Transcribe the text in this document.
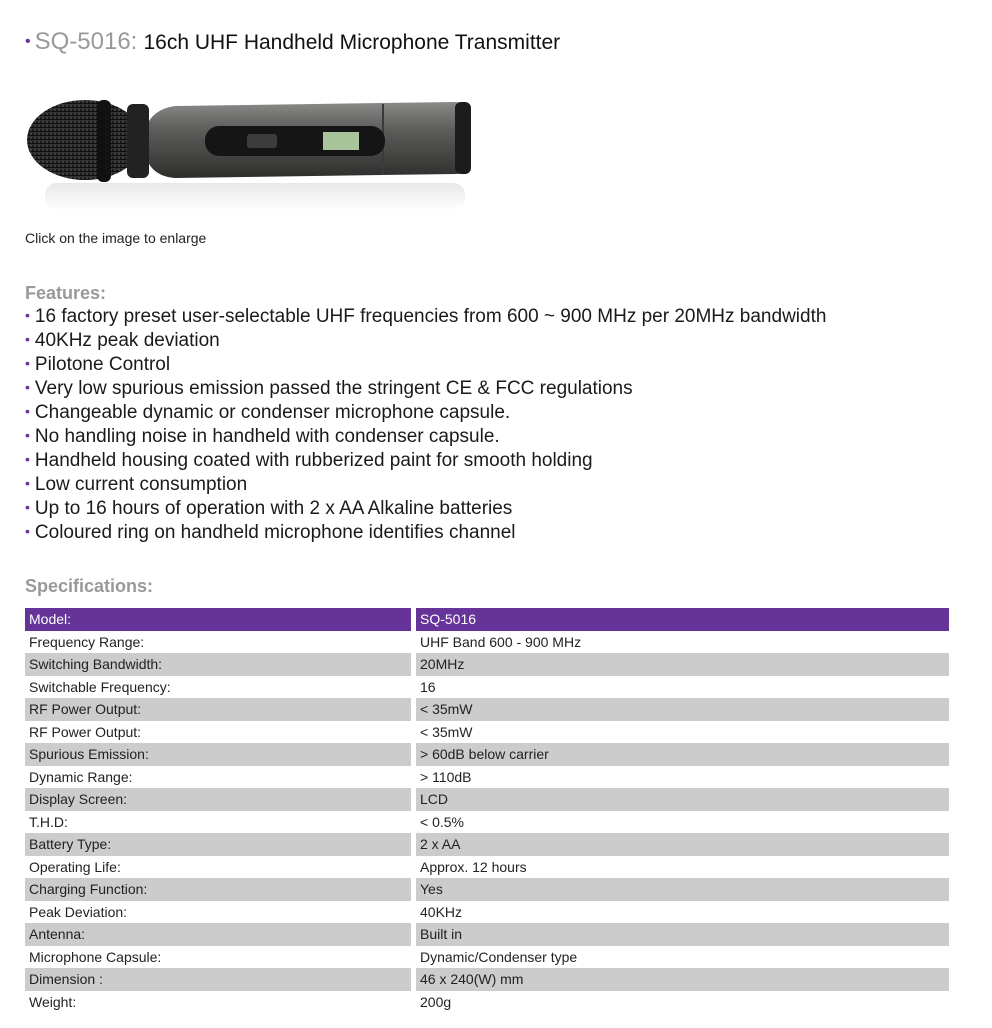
• SQ-5016: 16ch UHF Handheld Microphone Transmitter
Click on the image to enlarge
Features:
• 16 factory preset user-selectable UHF frequencies from 600 ~ 900 MHz per 20MHz bandwidth
• 40KHz peak deviation
• Pilotone Control
• Very low spurious emission passed the stringent CE & FCC regulations
• Changeable dynamic or condenser microphone capsule.
• No handling noise in handheld with condenser capsule.
• Handheld housing coated with rubberized paint for smooth holding
• Low current consumption
• Up to 16 hours of operation with 2 x AA Alkaline batteries
• Coloured ring on handheld microphone identifies channel
Specifications:
Model:		SQ-5016
Frequency Range:		UHF Band 600 - 900 MHz
Switching Bandwidth:		20MHz
Switchable Frequency:		16
RF Power Output:		< 35mW
RF Power Output:		< 35mW
Spurious Emission:		> 60dB below carrier
Dynamic Range:		> 110dB
Display Screen:		LCD
T.H.D:		< 0.5%
Battery Type:		2 x AA
Operating Life:		Approx. 12 hours
Charging Function:		Yes
Peak Deviation:		40KHz
Antenna:		Built in
Microphone Capsule:		Dynamic/Condenser type
Dimension :		46 x 240(W) mm
Weight:		200g
